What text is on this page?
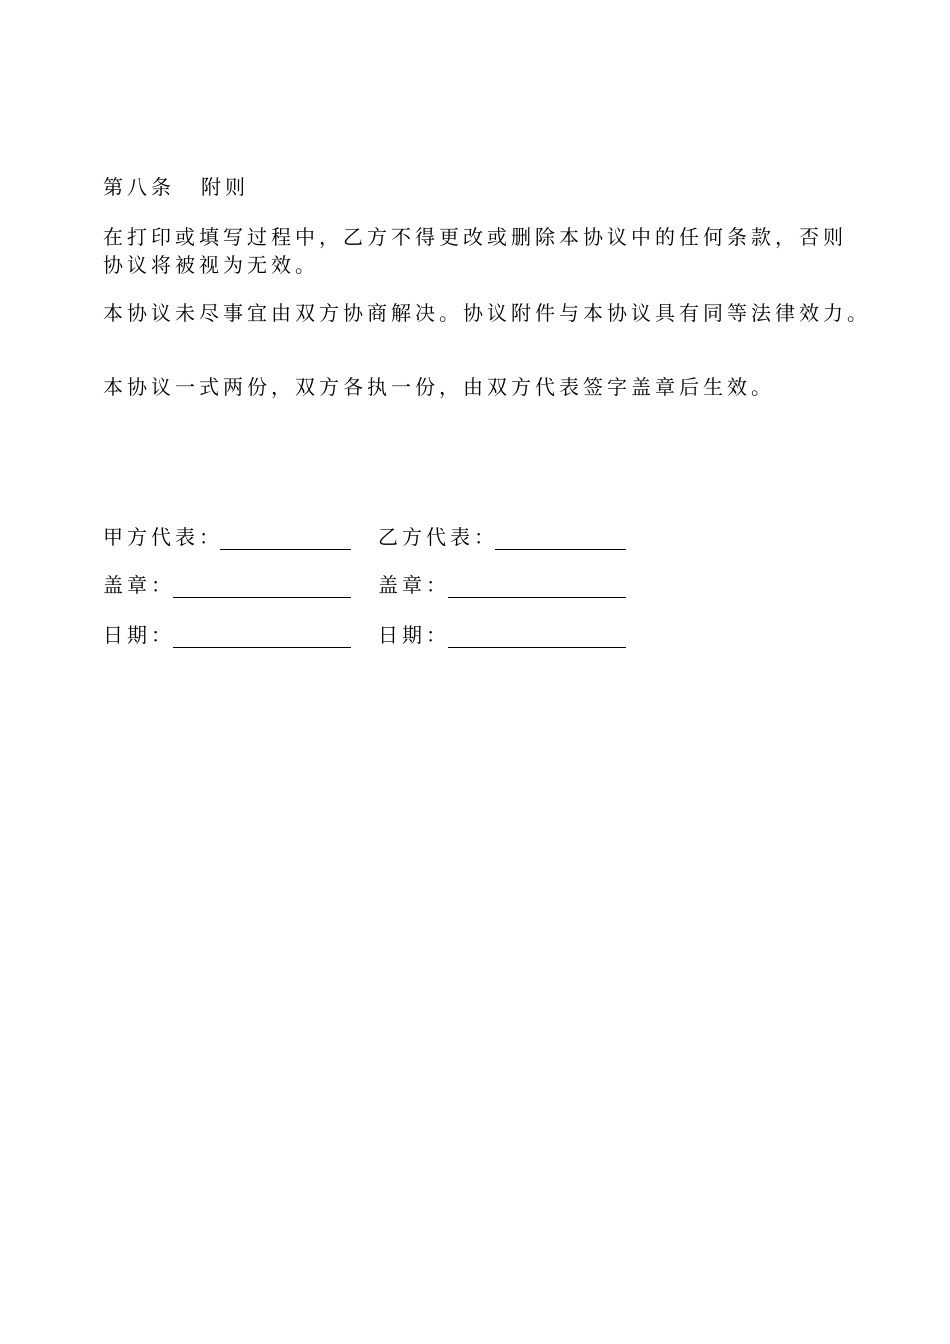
第八条 附则
在打印或填写过程中，乙方不得更改或删除本协议中的任何条款，否则
协议将被视为无效。
本协议未尽事宜由双方协商解决。协议附件与本协议具有同等法律效力。
本协议一式两份，双方各执一份，由双方代表签字盖章后生效。
甲方代表：	乙方代表：
盖章：	盖章：
日期：	日期：
